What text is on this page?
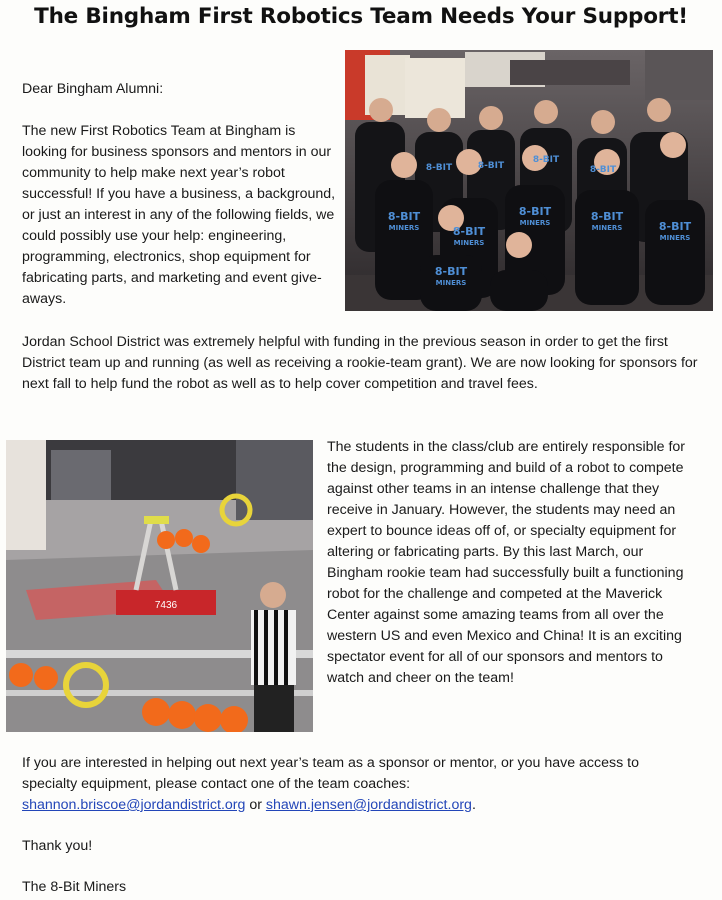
The Bingham First Robotics Team Needs Your Support!

Dear Bingham Alumni:

The new First Robotics Team at Bingham is looking for business sponsors and mentors in our community to help make next year’s robot successful! If you have a business, a background, or just an interest in any of the following fields, we could possibly use your help: engineering, programming, electronics, shop equipment for fabricating parts, and marketing and event give-aways.

8-BIT
8-BIT
8-BIT	8-BIT
8-BIT
8-BIT
8-BIT	8-BIT
8-BIT
8-BIT
MINERS
MINERS
MINERS
MINERS
MINERS
MINERS

Jordan School District was extremely helpful with funding in the previous season in order to get the first District team up and running (as well as receiving a rookie-team grant). We are now looking for sponsors for next fall to help fund the robot as well as to help cover competition and travel fees.

7436

The students in the class/club are entirely responsible for the design, programming and build of a robot to compete against other teams in an intense challenge that they receive in January. However, the students may need an expert to bounce ideas off of, or specialty equipment for altering or fabricating parts. By this last March, our Bingham rookie team had successfully built a functioning robot for the challenge and competed at the Maverick Center against some amazing teams from all over the western US and even Mexico and China! It is an exciting spectator event for all of our sponsors and mentors to watch and cheer on the team!

If you are interested in helping out next year’s team as a sponsor or mentor, or you have access to specialty equipment, please contact one of the team coaches:
shannon.briscoe@jordandistrict.org or shawn.jensen@jordandistrict.org.

Thank you!

The 8-Bit Miners
